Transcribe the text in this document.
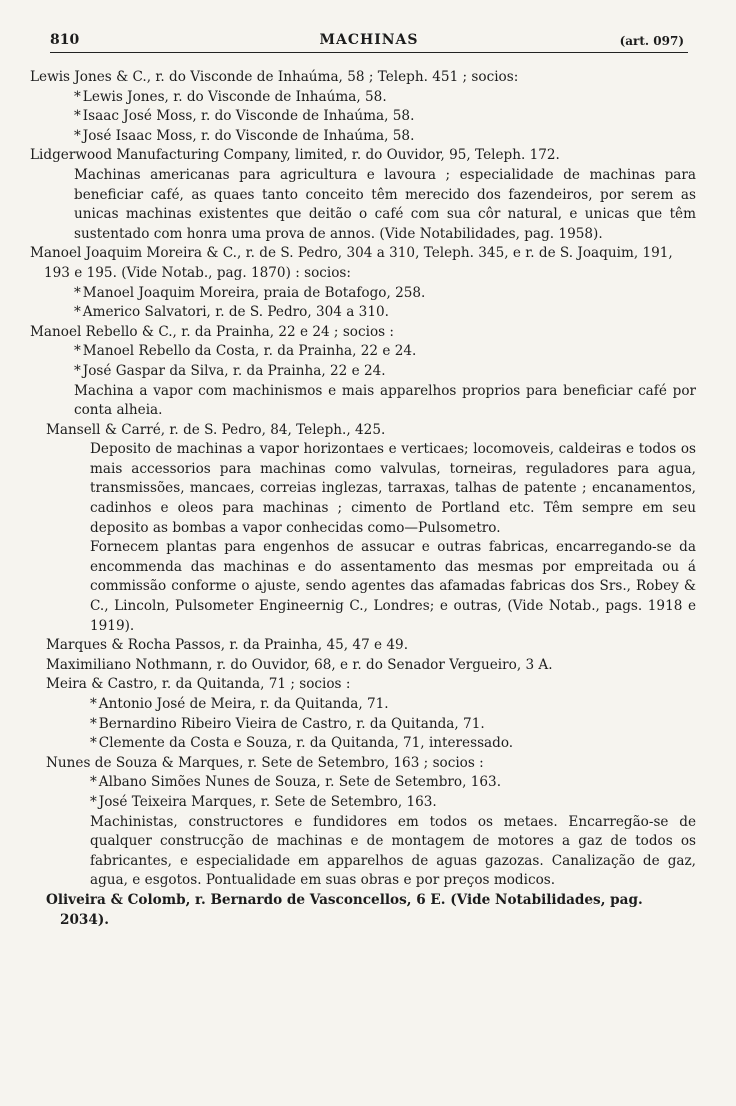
810	MACHINAS	(art. 097)

Lewis Jones & C., r. do Visconde de Inhaúma, 58 ; Teleph. 451 ; socios:

* Lewis Jones, r. do Visconde de Inhaúma, 58.

* Isaac José Moss, r. do Visconde de Inhaúma, 58.

* José Isaac Moss, r. do Visconde de Inhaúma, 58.

Lidgerwood Manufacturing Company, limited, r. do Ouvidor, 95, Teleph. 172.

Machinas americanas para agricultura e lavoura ; especialidade de machinas para beneficiar café, as quaes tanto conceito têm merecido dos fazendeiros, por serem as unicas machinas existentes que deitão o café com sua côr natural, e unicas que têm sustentado com honra uma prova de annos. (Vide Notabilidades, pag. 1958).

Manoel Joaquim Moreira & C., r. de S. Pedro, 304 a 310, Teleph. 345, e r. de S. Joaquim, 191, 193 e 195. (Vide Notab., pag. 1870) : socios:

* Manoel Joaquim Moreira, praia de Botafogo, 258.

* Americo Salvatori, r. de S. Pedro, 304 a 310.

Manoel Rebello & C., r. da Prainha, 22 e 24 ; socios :

* Manoel Rebello da Costa, r. da Prainha, 22 e 24.

* José Gaspar da Silva, r. da Prainha, 22 e 24.

Machina a vapor com machinismos e mais apparelhos proprios para beneficiar café por conta alheia.

Mansell & Carré, r. de S. Pedro, 84, Teleph., 425.

Deposito de machinas a vapor horizontaes e verticaes; locomoveis, caldeiras e todos os mais accessorios para machinas como valvulas, torneiras, reguladores para agua, transmissões, mancaes, correias inglezas, tarraxas, talhas de patente ; encanamentos, cadinhos e oleos para machinas ; cimento de Portland etc. Têm sempre em seu deposito as bombas a vapor conhecidas como—Pulsometro.

Fornecem plantas para engenhos de assucar e outras fabricas, encarregando-se da encommenda das machinas e do assentamento das mesmas por empreitada ou á commissão conforme o ajuste, sendo agentes das afamadas fabricas dos Srs., Robey & C., Lincoln, Pulsometer Engineernig C., Londres; e outras, (Vide Notab., pags. 1918 e 1919).

Marques & Rocha Passos, r. da Prainha, 45, 47 e 49.

Maximiliano Nothmann, r. do Ouvidor, 68, e r. do Senador Vergueiro, 3 A.

Meira & Castro, r. da Quitanda, 71 ; socios :

* Antonio José de Meira, r. da Quitanda, 71.

* Bernardino Ribeiro Vieira de Castro, r. da Quitanda, 71.

* Clemente da Costa e Souza, r. da Quitanda, 71, interessado.

Nunes de Souza & Marques, r. Sete de Setembro, 163 ; socios :

* Albano Simões Nunes de Souza, r. Sete de Setembro, 163.

* José Teixeira Marques, r. Sete de Setembro, 163.

Machinistas, constructores e fundidores em todos os metaes. Encarregão-se de qualquer construcção de machinas e de montagem de motores a gaz de todos os fabricantes, e especialidade em apparelhos de aguas gazozas. Canalização de gaz, agua, e esgotos. Pontualidade em suas obras e por preços modicos.

Oliveira & Colomb, r. Bernardo de Vasconcellos, 6 E. (Vide Notabilidades, pag. 2034).
